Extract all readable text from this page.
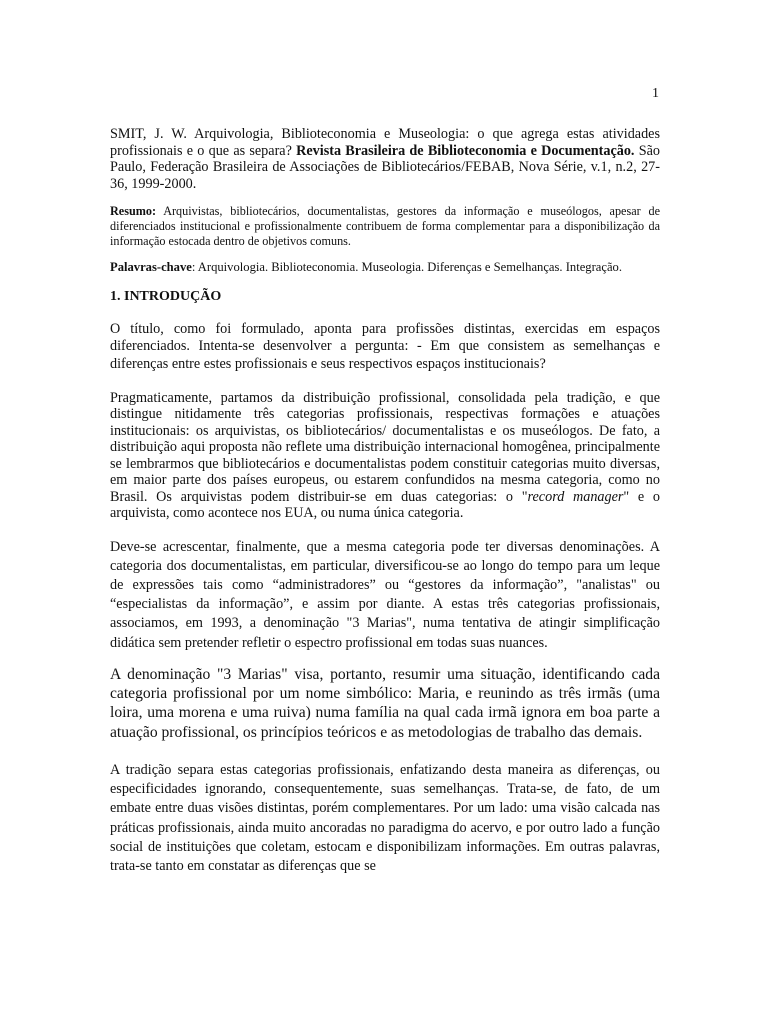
1

SMIT, J. W. Arquivologia, Biblioteconomia e Museologia: o que agrega estas atividades profissionais e o que as separa? Revista Brasileira de Biblioteconomia e Documentação. São Paulo, Federação Brasileira de Associações de Bibliotecários/FEBAB, Nova Série, v.1, n.2, 27-36, 1999-2000.

Resumo: Arquivistas, bibliotecários, documentalistas, gestores da informação e museólogos, apesar de diferenciados institucional e profissionalmente contribuem de forma complementar para a disponibilização da informação estocada dentro de objetivos comuns.

Palavras-chave: Arquivologia. Biblioteconomia. Museologia. Diferenças e Semelhanças. Integração.

1. INTRODUÇÃO

O título, como foi formulado, aponta para profissões distintas, exercidas em espaços diferenciados. Intenta-se desenvolver a pergunta: - Em que consistem as semelhanças e diferenças entre estes profissionais e seus respectivos espaços institucionais?

Pragmaticamente, partamos da distribuição profissional, consolidada pela tradição, e que distingue nitidamente três categorias profissionais, respectivas formações e atuações institucionais: os arquivistas, os bibliotecários/ documentalistas e os museólogos. De fato, a distribuição aqui proposta não reflete uma distribuição internacional homogênea, principalmente se lembrarmos que bibliotecários e documentalistas podem constituir categorias muito diversas, em maior parte dos países europeus, ou estarem confundidos na mesma categoria, como no Brasil. Os arquivistas podem distribuir-se em duas categorias: o "record manager" e o arquivista, como acontece nos EUA, ou numa única categoria.

Deve-se acrescentar, finalmente, que a mesma categoria pode ter diversas denominações. A categoria dos documentalistas, em particular, diversificou-se ao longo do tempo para um leque de expressões tais como “administradores” ou “gestores da informação”, "analistas" ou “especialistas da informação”, e assim por diante. A estas três categorias profissionais, associamos, em 1993, a denominação "3 Marias", numa tentativa de atingir simplificação didática sem pretender refletir o espectro profissional em todas suas nuances.

A denominação "3 Marias" visa, portanto, resumir uma situação, identificando cada categoria profissional por um nome simbólico: Maria, e reunindo as três irmãs (uma loira, uma morena e uma ruiva) numa família na qual cada irmã ignora em boa parte a atuação profissional, os princípios teóricos e as metodologias de trabalho das demais.

A tradição separa estas categorias profissionais, enfatizando desta maneira as diferenças, ou especificidades ignorando, consequentemente, suas semelhanças. Trata-se, de fato, de um embate entre duas visões distintas, porém complementares. Por um lado: uma visão calcada nas práticas profissionais, ainda muito ancoradas no paradigma do acervo, e por outro lado a função social de instituições que coletam, estocam e disponibilizam informações. Em outras palavras, trata-se tanto em constatar as diferenças que se
